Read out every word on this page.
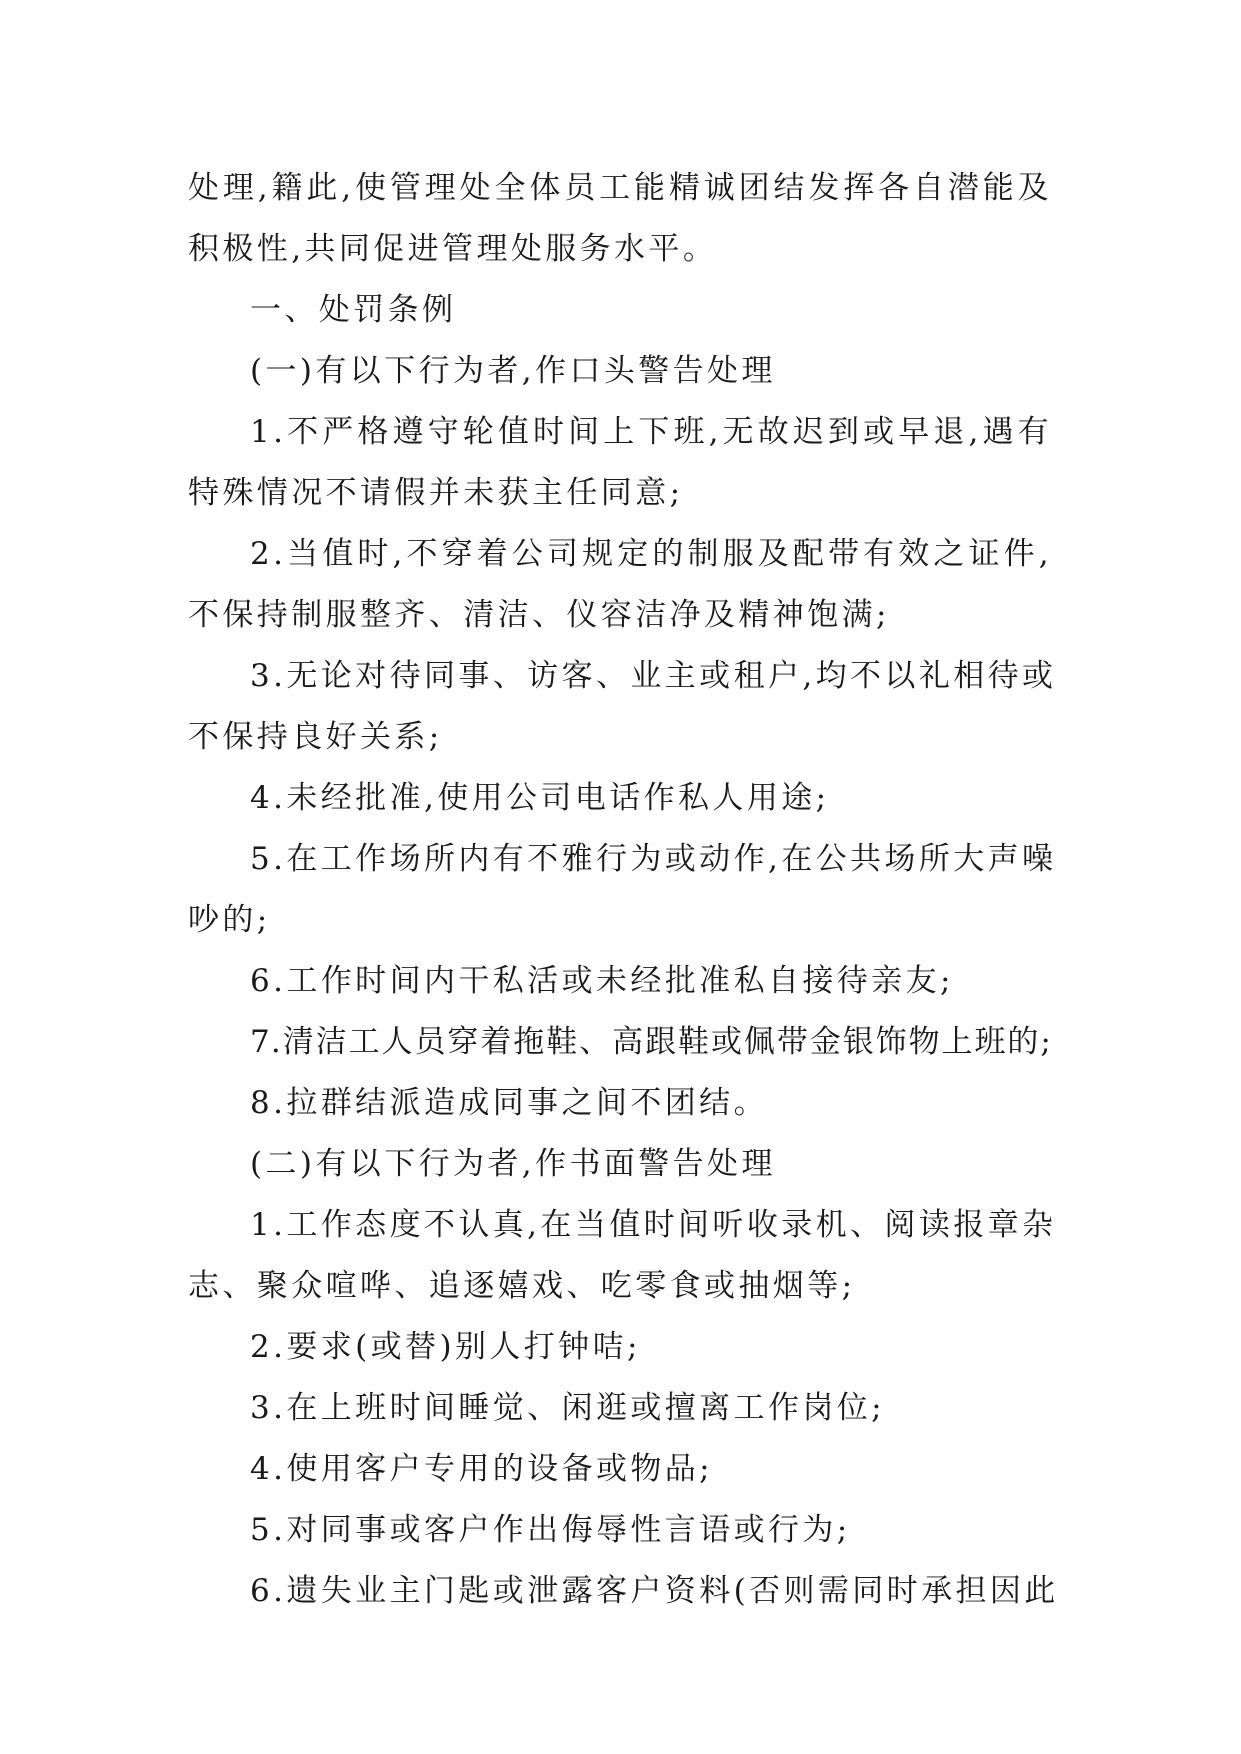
处理,籍此,使管理处全体员工能精诚团结发挥各自潜能及
积极性,共同促进管理处服务水平。
一、处罚条例
(一)有以下行为者,作口头警告处理
1.不严格遵守轮值时间上下班,无故迟到或早退,遇有
特殊情况不请假并未获主任同意;
2.当值时,不穿着公司规定的制服及配带有效之证件,
不保持制服整齐、清洁、仪容洁净及精神饱满;
3.无论对待同事、访客、业主或租户,均不以礼相待或
不保持良好关系;
4.未经批准,使用公司电话作私人用途;
5.在工作场所内有不雅行为或动作,在公共场所大声噪
吵的;
6.工作时间内干私活或未经批准私自接待亲友;
7.清洁工人员穿着拖鞋、高跟鞋或佩带金银饰物上班的;
8.拉群结派造成同事之间不团结。
(二)有以下行为者,作书面警告处理
1.工作态度不认真,在当值时间听收录机、阅读报章杂
志、聚众喧哗、追逐嬉戏、吃零食或抽烟等;
2.要求(或替)别人打钟咭;
3.在上班时间睡觉、闲逛或擅离工作岗位;
4.使用客户专用的设备或物品;
5.对同事或客户作出侮辱性言语或行为;
6.遗失业主门匙或泄露客户资料(否则需同时承担因此
